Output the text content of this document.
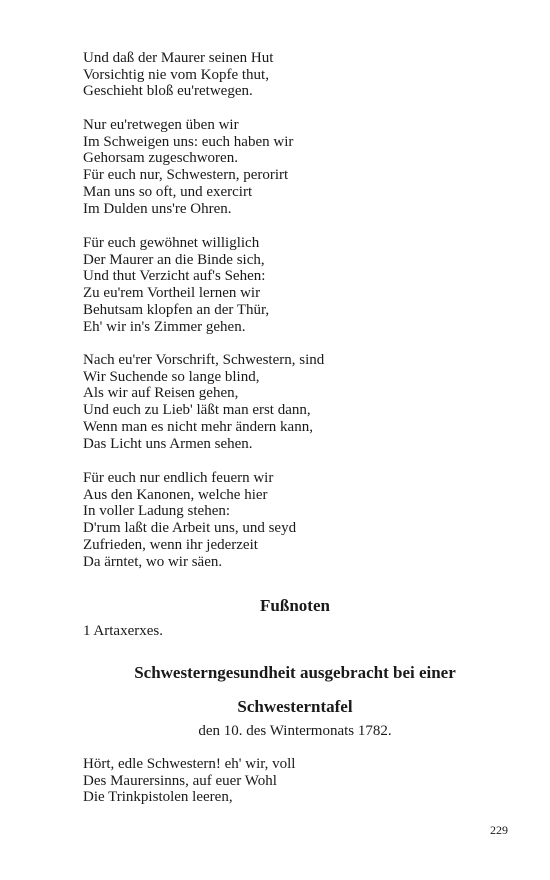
Und daß der Maurer seinen Hut
Vorsichtig nie vom Kopfe thut,
Geschieht bloß eu'retwegen.
Nur eu'retwegen üben wir
Im Schweigen uns: euch haben wir
Gehorsam zugeschworen.
Für euch nur, Schwestern, perorirt
Man uns so oft, und exercirt
Im Dulden uns're Ohren.
Für euch gewöhnet williglich
Der Maurer an die Binde sich,
Und thut Verzicht auf's Sehen:
Zu eu'rem Vortheil lernen wir
Behutsam klopfen an der Thür,
Eh' wir in's Zimmer gehen.
Nach eu'rer Vorschrift, Schwestern, sind
Wir Suchende so lange blind,
Als wir auf Reisen gehen,
Und euch zu Lieb' läßt man erst dann,
Wenn man es nicht mehr ändern kann,
Das Licht uns Armen sehen.
Für euch nur endlich feuern wir
Aus den Kanonen, welche hier
In voller Ladung stehen:
D'rum laßt die Arbeit uns, und seyd
Zufrieden, wenn ihr jederzeit
Da ärntet, wo wir säen.
Fußnoten
1 Artaxerxes.
Schwesterngesundheit ausgebracht bei einer
Schwesterntafel
den 10. des Wintermonats 1782.
Hört, edle Schwestern! eh' wir, voll
Des Maurersinns, auf euer Wohl
Die Trinkpistolen leeren,
229
